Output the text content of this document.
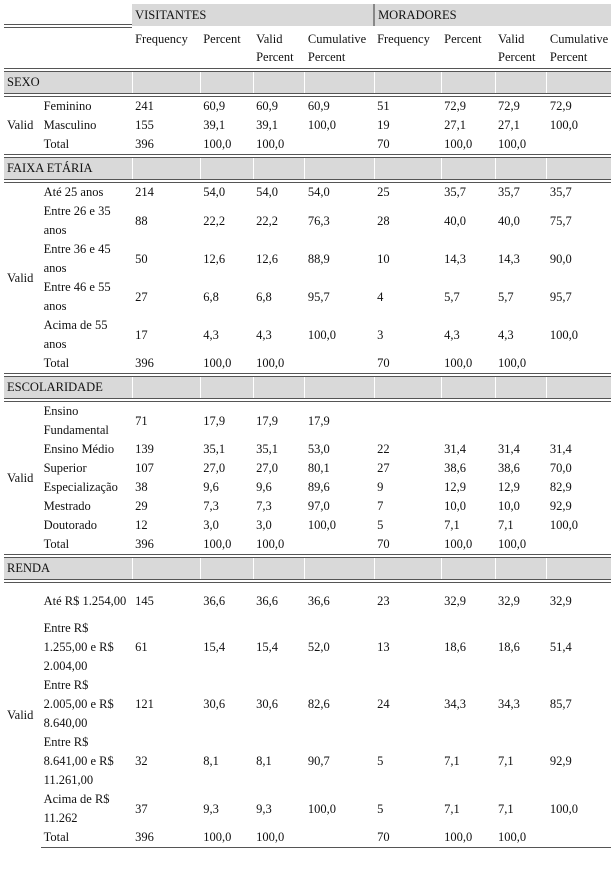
		VISITANTES				MORADORES			
		Frequency	Percent	Valid Percent	Cumulative Percent	Frequency	Percent	Valid Percent	Cumulative Percent
SEXO									
Valid	Feminino	241	60,9	60,9	60,9	51	72,9	72,9	72,9
	Masculino	155	39,1	39,1	100,0	19	27,1	27,1	100,0
	Total	396	100,0	100,0		70	100,0	100,0	
FAIXA ETÁRIA									
Valid	Até 25 anos	214	54,0	54,0	54,0	25	35,7	35,7	35,7
	Entre 26 e 35 anos	88	22,2	22,2	76,3	28	40,0	40,0	75,7
	Entre 36 e 45 anos	50	12,6	12,6	88,9	10	14,3	14,3	90,0
	Entre 46 e 55 anos	27	6,8	6,8	95,7	4	5,7	5,7	95,7
	Acima de 55 anos	17	4,3	4,3	100,0	3	4,3	4,3	100,0
	Total	396	100,0	100,0		70	100,0	100,0	
ESCOLARIDADE									
Valid	Ensino Fundamental	71	17,9	17,9	17,9				
	Ensino Médio	139	35,1	35,1	53,0	22	31,4	31,4	31,4
	Superior	107	27,0	27,0	80,1	27	38,6	38,6	70,0
	Especialização	38	9,6	9,6	89,6	9	12,9	12,9	82,9
	Mestrado	29	7,3	7,3	97,0	7	10,0	10,0	92,9
	Doutorado	12	3,0	3,0	100,0	5	7,1	7,1	100,0
	Total	396	100,0	100,0		70	100,0	100,0	
RENDA									
Valid	Até R$ 1.254,00	145	36,6	36,6	36,6	23	32,9	32,9	32,9
	Entre R$ 1.255,00 e R$ 2.004,00	61	15,4	15,4	52,0	13	18,6	18,6	51,4
	Entre R$ 2.005,00 e R$ 8.640,00	121	30,6	30,6	82,6	24	34,3	34,3	85,7
	Entre R$ 8.641,00 e R$ 11.261,00	32	8,1	8,1	90,7	5	7,1	7,1	92,9
	Acima de R$ 11.262	37	9,3	9,3	100,0	5	7,1	7,1	100,0
	Total	396	100,0	100,0		70	100,0	100,0	
